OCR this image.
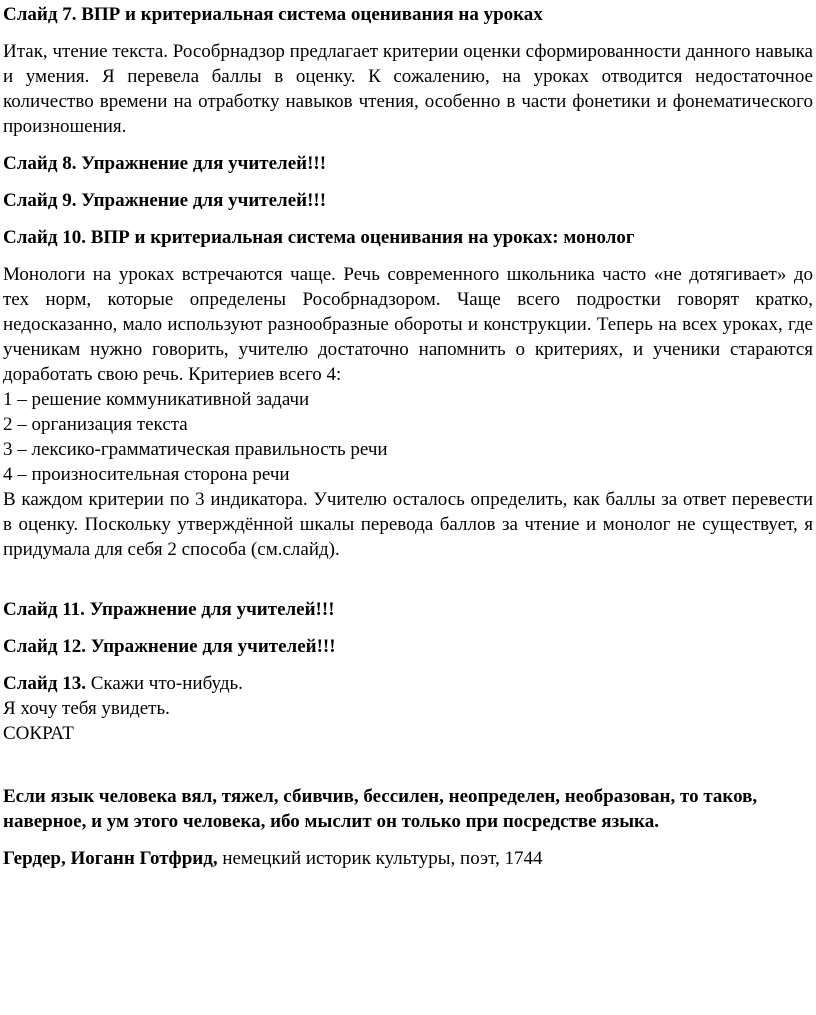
Слайд 7. ВПР и критериальная система оценивания на уроках
Итак, чтение текста. Рособрнадзор предлагает критерии оценки сформированности данного навыка и умения. Я перевела баллы в оценку. К сожалению, на уроках отводится недостаточное количество времени на отработку навыков чтения, особенно в части фонетики и фонематического произношения.
Слайд 8. Упражнение для учителей!!!
Слайд 9. Упражнение для учителей!!!
Слайд 10. ВПР и критериальная система оценивания на уроках: монолог
Монологи на уроках встречаются чаще. Речь современного школьника часто «не дотягивает» до тех норм, которые определены Рособрнадзором. Чаще всего подростки говорят кратко, недосказанно, мало используют разнообразные обороты и конструкции. Теперь на всех уроках, где ученикам нужно говорить, учителю достаточно напомнить о критериях, и ученики стараются доработать свою речь. Критериев всего 4:
1 – решение коммуникативной задачи
2 – организация текста
3 – лексико-грамматическая правильность речи
4 – произносительная сторона речи
В каждом критерии по 3 индикатора. Учителю осталось определить, как баллы за ответ перевести в оценку. Поскольку утверждённой шкалы перевода баллов за чтение и монолог не существует, я придумала для себя 2 способа (см.слайд).
Слайд 11. Упражнение для учителей!!!
Слайд 12. Упражнение для учителей!!!
Слайд 13. Скажи что-нибудь.
Я хочу тебя увидеть.
СОКРАТ
Если язык человека вял, тяжел, сбивчив, бессилен, неопределен, необразован, то таков, наверное, и ум этого человека, ибо мыслит он только при посредстве языка.
Гердер, Иоганн Готфрид, немецкий историк культуры, поэт, 1744
